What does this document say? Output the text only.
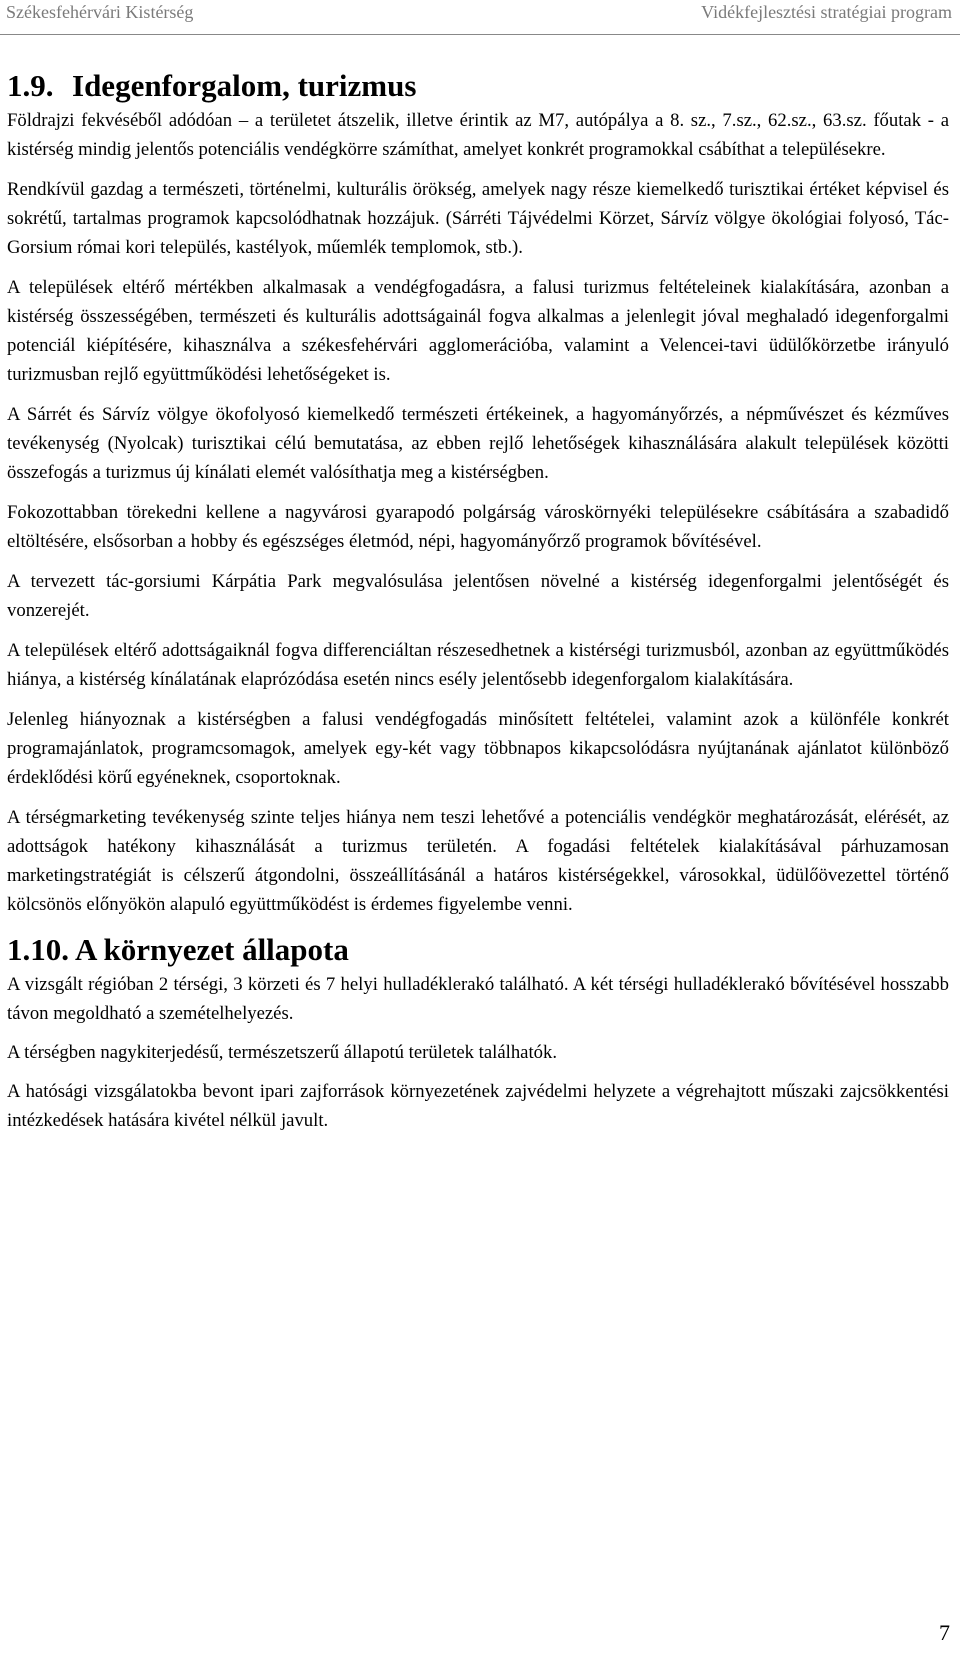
Székesfehérvári Kistérség	Vidékfejlesztési stratégiai program
1.9. Idegenforgalom, turizmus

Földrajzi fekvéséből adódóan – a területet átszelik, illetve érintik az M7, autópálya a 8. sz., 7.sz., 62.sz., 63.sz. főutak - a kistérség mindig jelentős potenciális vendégkörre számíthat, amelyet konkrét programokkal csábíthat a településekre.

Rendkívül gazdag a természeti, történelmi, kulturális örökség, amelyek nagy része kiemelkedő turisztikai értéket képvisel és sokrétű, tartalmas programok kapcsolódhatnak hozzájuk. (Sárréti Tájvédelmi Körzet, Sárvíz völgye ökológiai folyosó, Tác-Gorsium római kori település, kastélyok, műemlék templomok, stb.).

A települések eltérő mértékben alkalmasak a vendégfogadásra, a falusi turizmus feltételeinek kialakítására, azonban a kistérség összességében, természeti és kulturális adottságainál fogva alkalmas a jelenlegit jóval meghaladó idegenforgalmi potenciál kiépítésére, kihasználva a székesfehérvári agglomerációba, valamint a Velencei-tavi üdülőkörzetbe irányuló turizmusban rejlő együttműködési lehetőségeket is.

A Sárrét és Sárvíz völgye ökofolyosó kiemelkedő természeti értékeinek, a hagyományőrzés, a népművészet és kézműves tevékenység (Nyolcak) turisztikai célú bemutatása, az ebben rejlő lehetőségek kihasználására alakult települések közötti összefogás a turizmus új kínálati elemét valósíthatja meg a kistérségben.

Fokozottabban törekedni kellene a nagyvárosi gyarapodó polgárság városkörnyéki településekre csábítására a szabadidő eltöltésére, elsősorban a hobby és egészséges életmód, népi, hagyományőrző programok bővítésével.

A tervezett tác-gorsiumi Kárpátia Park megvalósulása jelentősen növelné a kistérség idegenforgalmi jelentőségét és vonzerejét.

A települések eltérő adottságaiknál fogva differenciáltan részesedhetnek a kistérségi turizmusból, azonban az együttműködés hiánya, a kistérség kínálatának elaprózódása esetén nincs esély jelentősebb idegenforgalom kialakítására.

Jelenleg hiányoznak a kistérségben a falusi vendégfogadás minősített feltételei, valamint azok a különféle konkrét programajánlatok, programcsomagok, amelyek egy-két vagy többnapos kikapcsolódásra nyújtanának ajánlatot különböző érdeklődési körű egyéneknek, csoportoknak.

A térségmarketing tevékenység szinte teljes hiánya nem teszi lehetővé a potenciális vendégkör meghatározását, elérését, az adottságok hatékony kihasználását a turizmus területén. A fogadási feltételek kialakításával párhuzamosan marketingstratégiát is célszerű átgondolni, összeállításánál a határos kistérségekkel, városokkal, üdülőövezettel történő kölcsönös előnyökön alapuló együttműködést is érdemes figyelembe venni.

1.10. A környezet állapota

A vizsgált régióban 2 térségi, 3 körzeti és 7 helyi hulladéklerakó található. A két térségi hulladéklerakó bővítésével hosszabb távon megoldható a szemételhelyezés.

A térségben nagykiterjedésű, természetszerű állapotú területek találhatók.

A hatósági vizsgálatokba bevont ipari zajforrások környezetének zajvédelmi helyzete a végrehajtott műszaki zajcsökkentési intézkedések hatására kivétel nélkül javult.

7
